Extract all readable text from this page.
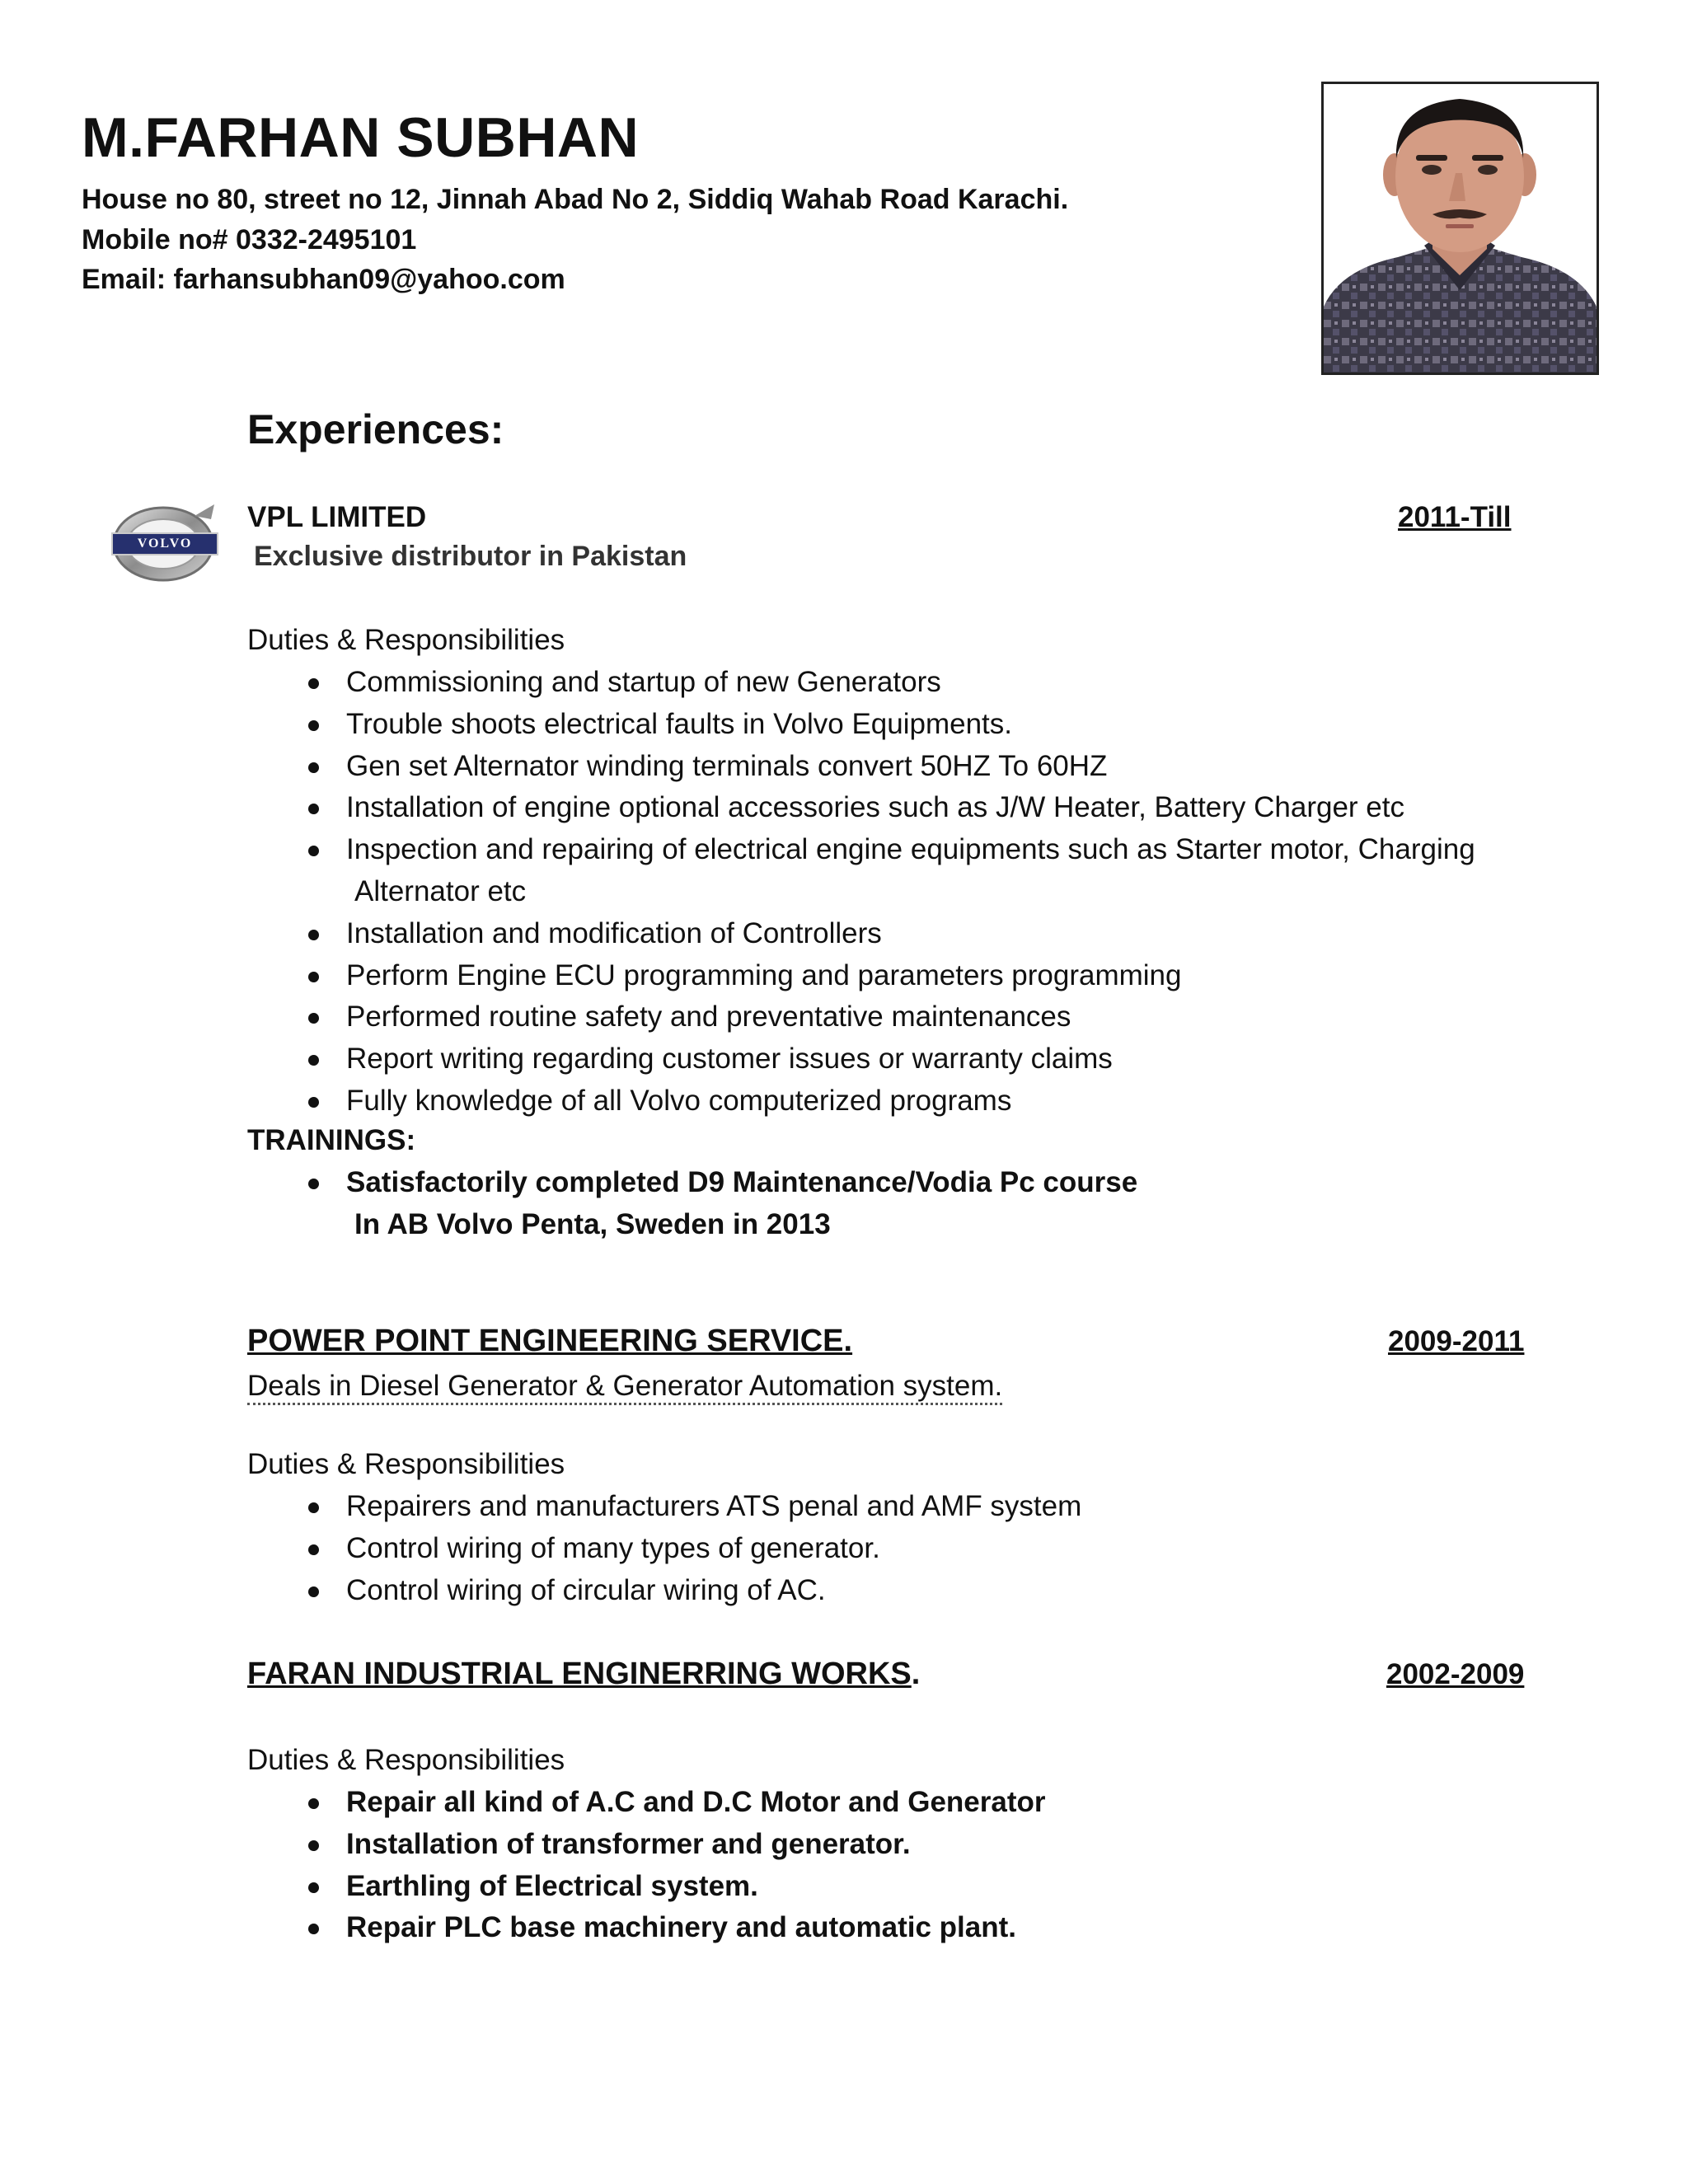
M.FARHAN SUBHAN

House no 80, street no 12, Jinnah Abad No 2, Siddiq Wahab Road Karachi.

Mobile no# 0332-2495101

Email: farhansubhan09@yahoo.com

Experiences:
VOLVO

VPL LIMITED	2011-Till

Exclusive distributor in Pakistan

Duties & Responsibilities

Commissioning and startup of new Generators
Trouble shoots electrical faults in Volvo Equipments.
Gen set Alternator winding terminals convert 50HZ To 60HZ
Installation of engine optional accessories such as J/W Heater, Battery Charger etc
Inspection and repairing of electrical engine equipments such as Starter motor, Charging
Alternator etc
Installation and modification of Controllers
Perform Engine ECU programming and parameters programming
Performed routine safety and preventative maintenances
Report writing regarding customer issues or warranty claims
Fully knowledge of all Volvo computerized programs

TRAININGS:

Satisfactorily completed D9 Maintenance/Vodia Pc course
In AB Volvo Penta, Sweden in 2013

POWER POINT ENGINEERING SERVICE.	2009-2011

Deals in Diesel Generator & Generator Automation system.

Duties & Responsibilities

Repairers and manufacturers ATS penal and AMF system
Control wiring of many types of generator.
Control wiring of circular wiring of AC.

FARAN INDUSTRIAL ENGINERRING WORKS.	2002-2009

Duties & Responsibilities

Repair all kind of A.C and D.C Motor and Generator
Installation of transformer and generator.
Earthling of Electrical system.
Repair PLC base machinery and automatic plant.
